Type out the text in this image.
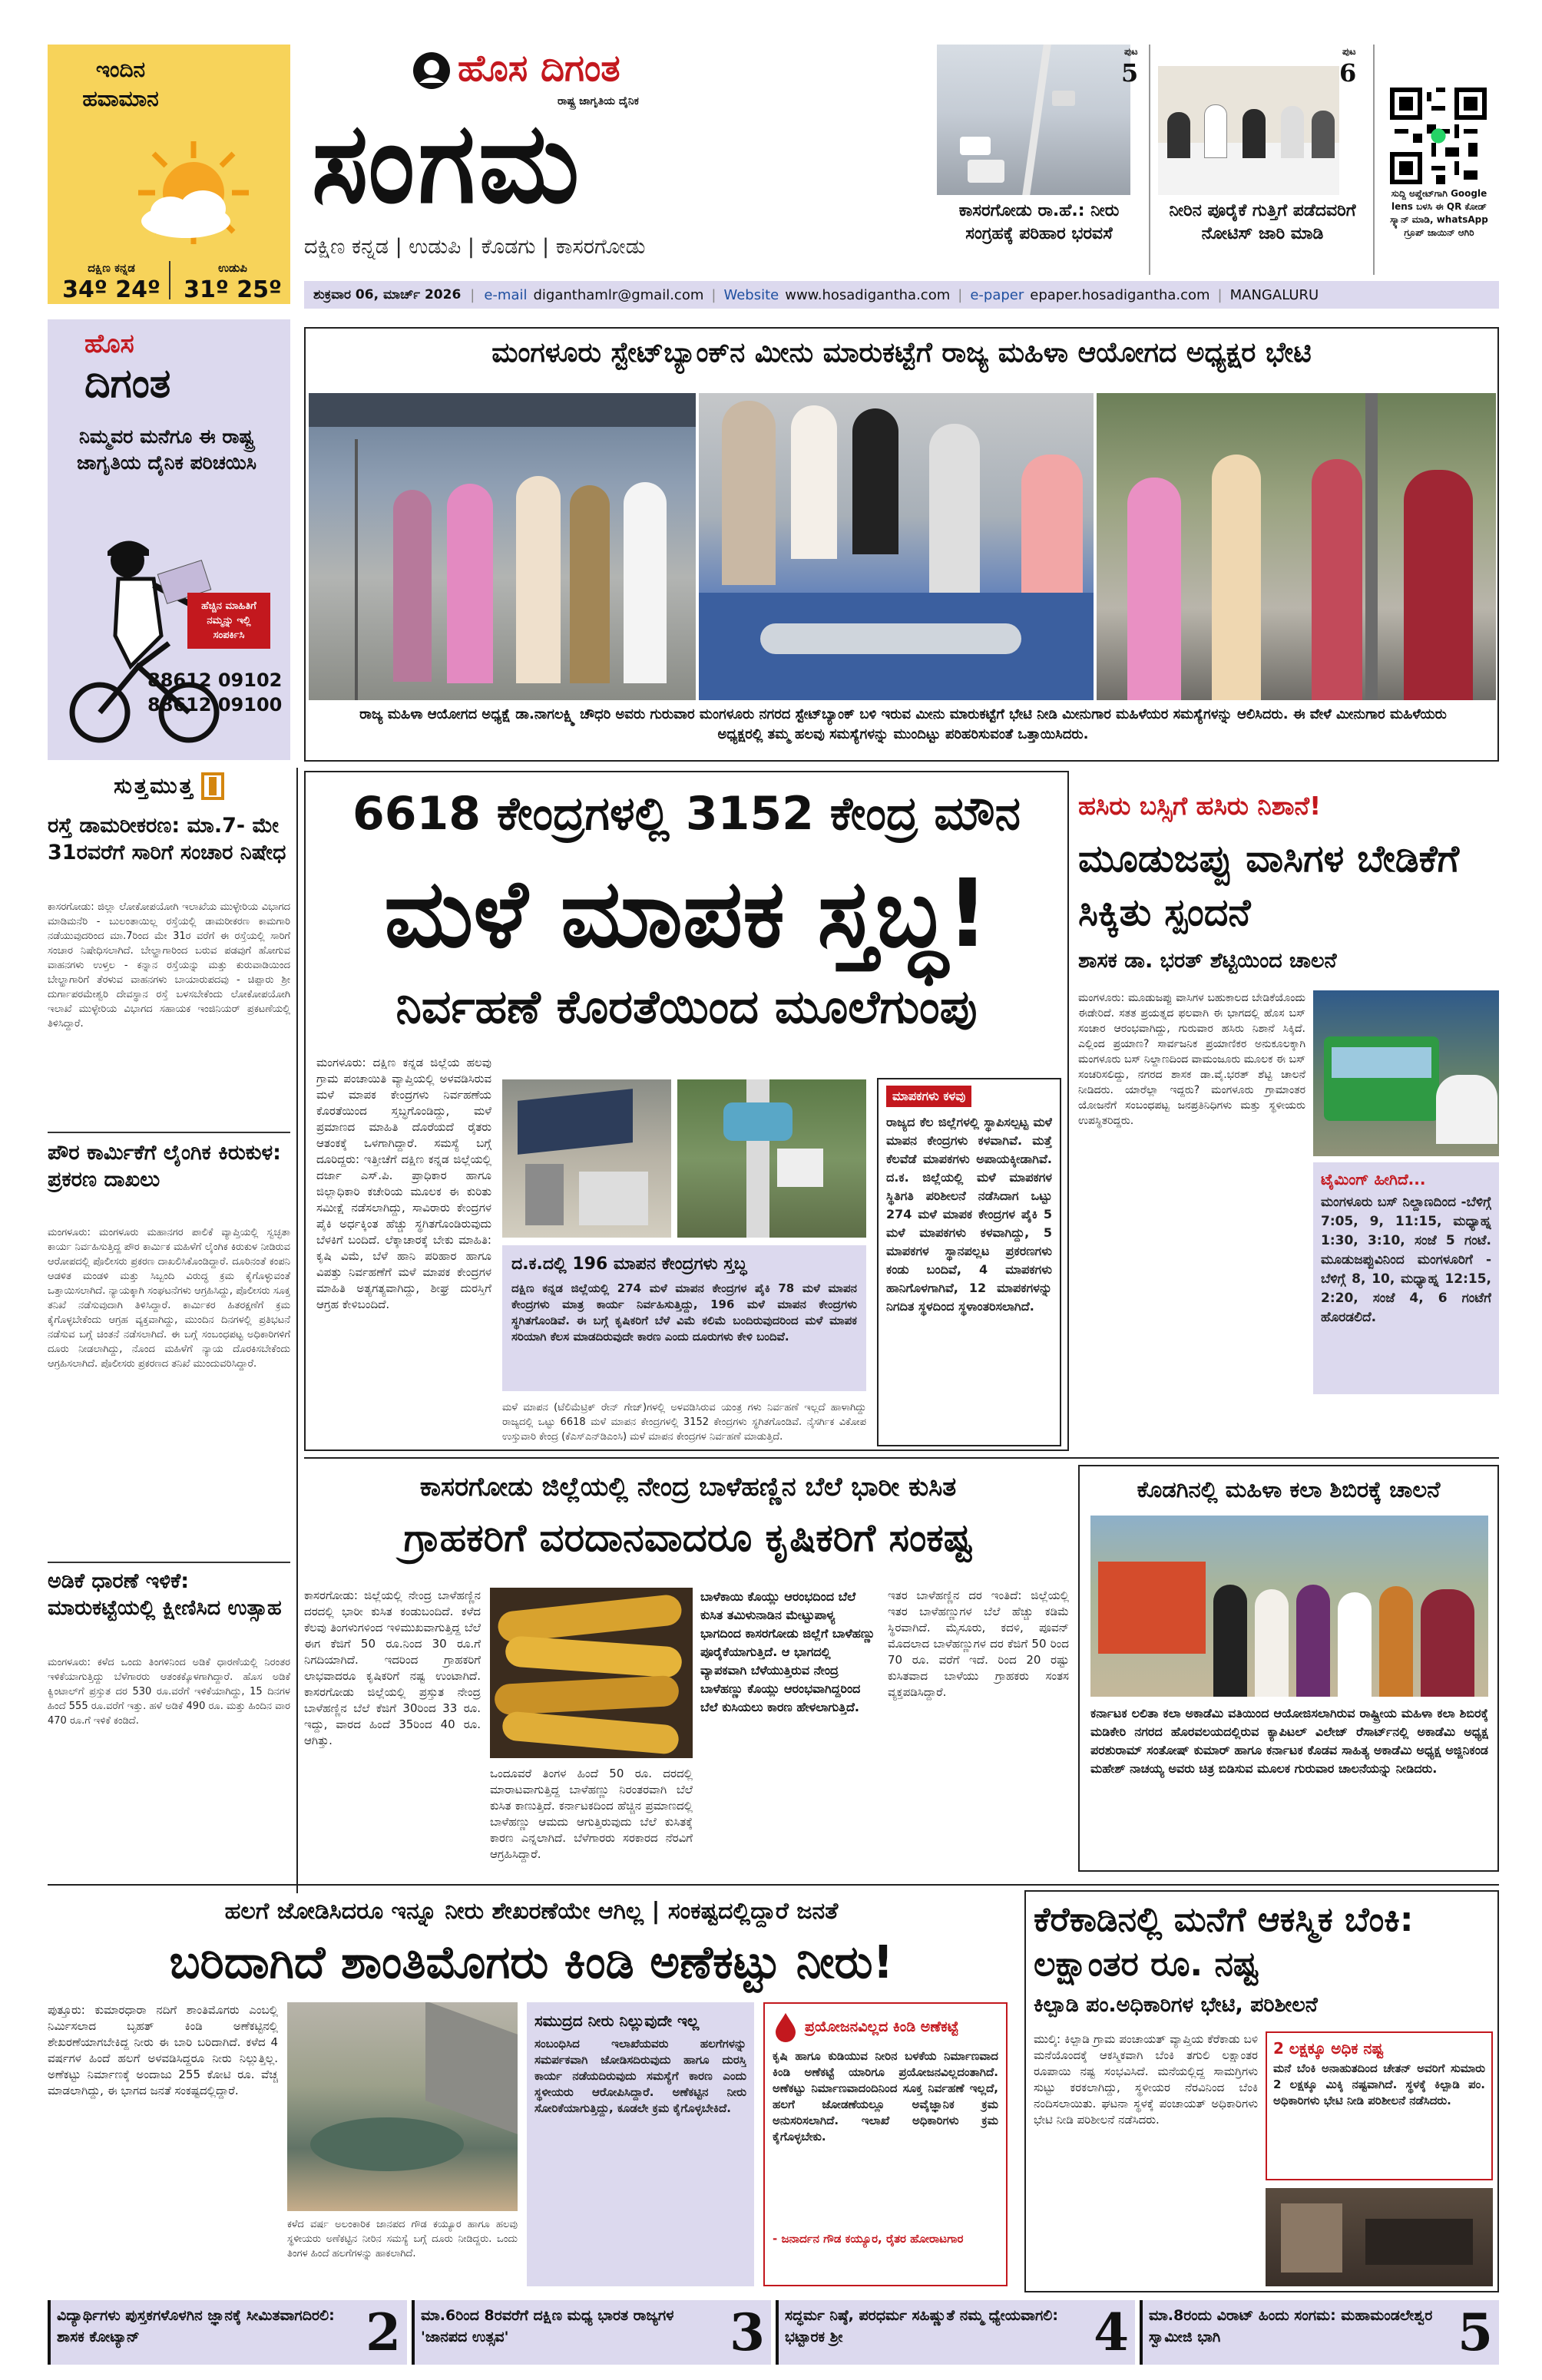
ಇಂದಿನ ಹವಾಮಾನ
ದಕ್ಷಿಣ ಕನ್ನಡ	ಉಡುಪಿ
34º 24º	31º 25º
ಹೊಸ ದಿಗಂತ
ರಾಷ್ಟ್ರ ಜಾಗೃತಿಯ ದೈನಿಕ
ಸಂಗಮ
ದಕ್ಷಿಣ ಕನ್ನಡ | ಉಡುಪಿ | ಕೊಡಗು | ಕಾಸರಗೋಡು
ಪುಟ
5
ಕಾಸರಗೋಡು ರಾ.ಹೆ.: ನೀರು ಸಂಗ್ರಹಕ್ಕೆ ಪರಿಹಾರ ಭರವಸೆ
ಪುಟ
6
ನೀರಿನ ಪೂರೈಕೆ ಗುತ್ತಿಗೆ ಪಡೆದವರಿಗೆ ನೋಟಿಸ್ ಜಾರಿ ಮಾಡಿ
ಸುದ್ದಿ ಅಪ್ಡೇಟ್‌ಗಾಗಿ Google lens ಬಳಸಿ ಈ QR ಕೋಡ್ ಸ್ಕ್ಯಾನ್ ಮಾಡಿ, whatsApp ಗ್ರೂಪ್ ಜಾಯಿನ್ ಆಗಿರಿ
ಶುಕ್ರವಾರ 06, ಮಾರ್ಚ್ 2026 | e-mail diganthamlr@gmail.com | Website www.hosadigantha.com | e-paper epaper.hosadigantha.com | MANGALURU
ಹೊಸ
ದಿಗಂತ
ನಿಮ್ಮವರ ಮನೆಗೂ ಈ ರಾಷ್ಟ್ರ ಜಾಗೃತಿಯ ದೈನಿಕ ಪರಿಚಯಿಸಿ
ಹೆಚ್ಚಿನ ಮಾಹಿತಿಗೆ ನಮ್ಮನ್ನು ಇಲ್ಲಿ ಸಂಪರ್ಕಿಸಿ
88612 09102
88612 09100
ಮಂಗಳೂರು ಸ್ಟೇಟ್‌ಬ್ಯಾಂಕ್‌ನ ಮೀನು ಮಾರುಕಟ್ಟೆಗೆ ರಾಜ್ಯ ಮಹಿಳಾ ಆಯೋಗದ ಅಧ್ಯಕ್ಷರ ಭೇಟಿ
ರಾಜ್ಯ ಮಹಿಳಾ ಆಯೋಗದ ಅಧ್ಯಕ್ಷೆ ಡಾ.ನಾಗಲಕ್ಷ್ಮಿ ಚೌಧರಿ ಅವರು ಗುರುವಾರ ಮಂಗಳೂರು ನಗರದ ಸ್ಟೇಟ್‌ಬ್ಯಾಂಕ್ ಬಳಿ ಇರುವ ಮೀನು ಮಾರುಕಟ್ಟೆಗೆ ಭೇಟಿ ನೀಡಿ ಮೀನುಗಾರ ಮಹಿಳೆಯರ ಸಮಸ್ಯೆಗಳನ್ನು ಆಲಿಸಿದರು. ಈ ವೇಳೆ ಮೀನುಗಾರ ಮಹಿಳೆಯರು ಅಧ್ಯಕ್ಷರಲ್ಲಿ ತಮ್ಮ ಹಲವು ಸಮಸ್ಯೆಗಳನ್ನು ಮುಂದಿಟ್ಟು ಪರಿಹರಿಸುವಂತೆ ಒತ್ತಾಯಿಸಿದರು.
ಸುತ್ತಮುತ್ತ
ರಸ್ತೆ ಡಾಮರೀಕರಣ: ಮಾ.7- ಮೇ 31ರವರೆಗೆ ಸಾರಿಗೆ ಸಂಚಾರ ನಿಷೇಧ
ಕಾಸರಗೋಡು: ಜಿಲ್ಲಾ ಲೋಕೋಪಯೋಗಿ ಇಲಾಖೆಯ ಮುಳ್ಳೇರಿಯ ವಿಭಾಗದ ಮಾಡಿಮನೆರಿ - ಬುಲಂತಾಯಿಲ್ಲ ರಸ್ತೆಯಲ್ಲಿ ಡಾಮರೀಕರಣ ಕಾಮಗಾರಿ ನಡೆಯುವುದರಿಂದ ಮಾ.7ರಿಂದ ಮೇ 31ರ ವರೆಗೆ ಈ ರಸ್ತೆಯಲ್ಲಿ ಸಾರಿಗೆ ಸಂಚಾರ ನಿಷೇಧಿಸಲಾಗಿದೆ. ಬೇಲ್ಹಾಗಾರಿಂದ ಬರುವ ಪಡವುಗೆ ಹೋಗುವ ವಾಹನಗಳು ಉಳ್ತಲ - ಕನ್ನಾನ ರಸ್ತೆಯನ್ನು ಮತ್ತು ಕುರುವಾಡಿಯಿಂದ ಬೇಲ್ಹಾಗಾರಿಗೆ ತೆರಳುವ ವಾಹನಗಳು ಬಾಯಾರುಪದವು - ಚಿಪ್ಪಾರು ಶ್ರೀ ದುರ್ಗಾಪರಮೇಶ್ವರಿ ದೇವಸ್ಥಾನ ರಸ್ತೆ ಬಳಸಬೇಕೆಂದು ಲೋಕೋಪಯೋಗಿ ಇಲಾಖೆ ಮುಳ್ಳೇರಿಯ ವಿಭಾಗದ ಸಹಾಯಕ ಇಂಜಿನಿಯರ್ ಪ್ರಕಟಣೆಯಲ್ಲಿ ತಿಳಿಸಿದ್ದಾರೆ.
ಪೌರ ಕಾರ್ಮಿಕೆಗೆ ಲೈಂಗಿಕ ಕಿರುಕುಳ: ಪ್ರಕರಣ ದಾಖಲು
ಮಂಗಳೂರು: ಮಂಗಳೂರು ಮಹಾನಗರ ಪಾಲಿಕೆ ವ್ಯಾಪ್ತಿಯಲ್ಲಿ ಸ್ವಚ್ಛತಾ ಕಾರ್ಯ ನಿರ್ವಹಿಸುತ್ತಿದ್ದ ಪೌರ ಕಾರ್ಮಿಕ ಮಹಿಳೆಗೆ ಲೈಂಗಿಕ ಕಿರುಕುಳ ನೀಡಿರುವ ಆರೋಪದಲ್ಲಿ ಪೊಲೀಸರು ಪ್ರಕರಣ ದಾಖಲಿಸಿಕೊಂಡಿದ್ದಾರೆ. ದೂರಿನಂತೆ ಕಂಪನಿ ಆಡಳಿತ ಮಂಡಳಿ ಮತ್ತು ಸಿಬ್ಬಂದಿ ವಿರುದ್ಧ ಕ್ರಮ ಕೈಗೊಳ್ಳುವಂತೆ ಒತ್ತಾಯಿಸಲಾಗಿದೆ. ನ್ಯಾಯಕ್ಕಾಗಿ ಸಂಘಟನೆಗಳು ಆಗ್ರಹಿಸಿದ್ದು, ಪೊಲೀಸರು ಸೂಕ್ತ ತನಿಖೆ ನಡೆಸುವುದಾಗಿ ತಿಳಿಸಿದ್ದಾರೆ. ಕಾರ್ಮಿಕರ ಹಿತರಕ್ಷಣೆಗೆ ಕ್ರಮ ಕೈಗೊಳ್ಳಬೇಕೆಂದು ಆಗ್ರಹ ವ್ಯಕ್ತವಾಗಿದ್ದು, ಮುಂದಿನ ದಿನಗಳಲ್ಲಿ ಪ್ರತಿಭಟನೆ ನಡೆಸುವ ಬಗ್ಗೆ ಚಿಂತನೆ ನಡೆಸಲಾಗಿದೆ. ಈ ಬಗ್ಗೆ ಸಂಬಂಧಪಟ್ಟ ಅಧಿಕಾರಿಗಳಿಗೆ ದೂರು ನೀಡಲಾಗಿದ್ದು, ನೊಂದ ಮಹಿಳೆಗೆ ನ್ಯಾಯ ದೊರಕಿಸಬೇಕೆಂದು ಆಗ್ರಹಿಸಲಾಗಿದೆ. ಪೊಲೀಸರು ಪ್ರಕರಣದ ತನಿಖೆ ಮುಂದುವರಿಸಿದ್ದಾರೆ.
ಅಡಿಕೆ ಧಾರಣೆ ಇಳಿಕೆ: ಮಾರುಕಟ್ಟೆಯಲ್ಲಿ ಕ್ಷೀಣಿಸಿದ ಉತ್ಸಾಹ
ಮಂಗಳೂರು: ಕಳೆದ ಒಂದು ತಿಂಗಳಿನಿಂದ ಅಡಿಕೆ ಧಾರಣೆಯಲ್ಲಿ ನಿರಂತರ ಇಳಿಕೆಯಾಗುತ್ತಿದ್ದು ಬೆಳೆಗಾರರು ಆತಂಕಕ್ಕೊಳಗಾಗಿದ್ದಾರೆ. ಹೊಸ ಅಡಿಕೆ ಕ್ವಿಂಟಾಲ್‌ಗೆ ಪ್ರಸ್ತುತ ದರ 530 ರೂ.ವರೆಗೆ ಇಳಿಕೆಯಾಗಿದ್ದು, 15 ದಿನಗಳ ಹಿಂದೆ 555 ರೂ.ವರೆಗೆ ಇತ್ತು. ಹಳೆ ಅಡಿಕೆ 490 ರೂ. ಮತ್ತು ಹಿಂದಿನ ವಾರ 470 ರೂ.ಗೆ ಇಳಿಕೆ ಕಂಡಿದೆ.
6618 ಕೇಂದ್ರಗಳಲ್ಲಿ 3152 ಕೇಂದ್ರ ಮೌನ
ಮಳೆ ಮಾಪಕ ಸ್ತಬ್ಧ!
ನಿರ್ವಹಣೆ ಕೊರತೆಯಿಂದ ಮೂಲೆಗುಂಪು
ಮಂಗಳೂರು: ದಕ್ಷಿಣ ಕನ್ನಡ ಜಿಲ್ಲೆಯ ಹಲವು ಗ್ರಾಮ ಪಂಚಾಯಿತಿ ವ್ಯಾಪ್ತಿಯಲ್ಲಿ ಅಳವಡಿಸಿರುವ ಮಳೆ ಮಾಪಕ ಕೇಂದ್ರಗಳು ನಿರ್ವಹಣೆಯ ಕೊರತೆಯಿಂದ ಸ್ತಬ್ಧಗೊಂಡಿದ್ದು, ಮಳೆ ಪ್ರಮಾಣದ ಮಾಹಿತಿ ದೊರೆಯದೆ ರೈತರು ಆತಂಕಕ್ಕೆ ಒಳಗಾಗಿದ್ದಾರೆ. ಸಮಸ್ಯೆ ಬಗ್ಗೆ ದೂರಿದ್ದರು: ಇತ್ತೀಚೆಗೆ ದಕ್ಷಿಣ ಕನ್ನಡ ಜಿಲ್ಲೆಯಲ್ಲಿ ದರ್ಜಾ ಎಸ್.ಪಿ. ಪ್ರಾಧಿಕಾರ ಹಾಗೂ ಜಿಲ್ಲಾಧಿಕಾರಿ ಕಚೇರಿಯ ಮೂಲಕ ಈ ಕುರಿತು ಸಮೀಕ್ಷೆ ನಡೆಸಲಾಗಿದ್ದು, ಸಾವಿರಾರು ಕೇಂದ್ರಗಳ ಪೈಕಿ ಅರ್ಧಕ್ಕಿಂತ ಹೆಚ್ಚು ಸ್ಥಗಿತಗೊಂಡಿರುವುದು ಬೆಳಕಿಗೆ ಬಂದಿದೆ. ಲೆಕ್ಕಾಚಾರಕ್ಕೆ ಬೇಕು ಮಾಹಿತಿ: ಕೃಷಿ ವಿಮೆ, ಬೆಳೆ ಹಾನಿ ಪರಿಹಾರ ಹಾಗೂ ವಿಪತ್ತು ನಿರ್ವಹಣೆಗೆ ಮಳೆ ಮಾಪಕ ಕೇಂದ್ರಗಳ ಮಾಹಿತಿ ಅತ್ಯಗತ್ಯವಾಗಿದ್ದು, ಶೀಘ್ರ ದುರಸ್ತಿಗೆ ಆಗ್ರಹ ಕೇಳಿಬಂದಿದೆ.
ದ.ಕ.ದಲ್ಲಿ 196 ಮಾಪನ ಕೇಂದ್ರಗಳು ಸ್ತಬ್ಧ
ದಕ್ಷಿಣ ಕನ್ನಡ ಜಿಲ್ಲೆಯಲ್ಲಿ 274 ಮಳೆ ಮಾಪನ ಕೇಂದ್ರಗಳ ಪೈಕಿ 78 ಮಳೆ ಮಾಪನ ಕೇಂದ್ರಗಳು ಮಾತ್ರ ಕಾರ್ಯ ನಿರ್ವಹಿಸುತ್ತಿದ್ದು, 196 ಮಳೆ ಮಾಪನ ಕೇಂದ್ರಗಳು ಸ್ಥಗಿತಗೊಂಡಿವೆ. ಈ ಬಗ್ಗೆ ಕೃಷಿಕರಿಗೆ ಬೆಳೆ ವಿಮೆ ಕಲಿಮೆ ಬಂದಿರುವುದರಿಂದ ಮಳೆ ಮಾಪಕ ಸರಿಯಾಗಿ ಕೆಲಸ ಮಾಡದಿರುವುದೇ ಕಾರಣ ಎಂದು ದೂರುಗಳು ಕೇಳಿ ಬಂದಿವೆ.
ಮಳೆ ಮಾಪನ (ಟೆಲಿಮೆಟ್ರಿಕ್ ರೇನ್ ಗೇಜ್)ಗಳಲ್ಲಿ ಅಳವಡಿಸಿರುವ ಯಂತ್ರ ಗಳು ನಿರ್ವಹಣೆ ಇಲ್ಲದೆ ಹಾಳಾಗಿದ್ದು ರಾಜ್ಯದಲ್ಲಿ ಒಟ್ಟು 6618 ಮಳೆ ಮಾಪನ ಕೇಂದ್ರಗಳಲ್ಲಿ 3152 ಕೇಂದ್ರಗಳು ಸ್ಥಗಿತಗೊಂಡಿವೆ. ನೈಸರ್ಗಿಕ ವಿಕೋಪ ಉಸ್ತುವಾರಿ ಕೇಂದ್ರ (ಕೆಎಸ್‌ಎನ್‌ಡಿಎಂಸಿ) ಮಳೆ ಮಾಪನ ಕೇಂದ್ರಗಳ ನಿರ್ವಹಣೆ ಮಾಡುತ್ತಿದೆ.
ಮಾಪಕಗಳು ಕಳವು
ರಾಜ್ಯದ ಕೆಲ ಜಿಲ್ಲೆಗಳಲ್ಲಿ ಸ್ಥಾಪಿಸಲ್ಪಟ್ಟ ಮಳೆ ಮಾಪನ ಕೇಂದ್ರಗಳು ಕಳವಾಗಿವೆ. ಮತ್ತೆ ಕೆಲವೆಡೆ ಮಾಪಕಗಳು ಅಪಾಯಕ್ಕೀಡಾಗಿವೆ. ದ.ಕ. ಜಿಲ್ಲೆಯಲ್ಲಿ ಮಳೆ ಮಾಪಕಗಳ ಸ್ಥಿತಿಗತಿ ಪರಿಶೀಲನೆ ನಡೆಸಿದಾಗ ಒಟ್ಟು 274 ಮಳೆ ಮಾಪಕ ಕೇಂದ್ರಗಳ ಪೈಕಿ 5 ಮಳೆ ಮಾಪಕಗಳು ಕಳವಾಗಿದ್ದು, 5 ಮಾಪಕಗಳ ಸ್ಥಾನಪಲ್ಲಟ ಪ್ರಕರಣಗಳು ಕಂಡು ಬಂದಿವೆ, 4 ಮಾಪಕಗಳು ಹಾನಿಗೊಳಗಾಗಿವೆ, 12 ಮಾಪಕಗಳನ್ನು ನಿಗದಿತ ಸ್ಥಳದಿಂದ ಸ್ಥಳಾಂತರಿಸಲಾಗಿದೆ.
ಹಸಿರು ಬಸ್ಸಿಗೆ ಹಸಿರು ನಿಶಾನೆ!
ಮೂಡುಜಪ್ಪು ವಾಸಿಗಳ ಬೇಡಿಕೆಗೆ ಸಿಕ್ಕಿತು ಸ್ಪಂದನೆ
ಶಾಸಕ ಡಾ. ಭರತ್ ಶೆಟ್ಟಿಯಿಂದ ಚಾಲನೆ
ಮಂಗಳೂರು: ಮೂಡುಜಪ್ಪು ವಾಸಿಗಳ ಬಹುಕಾಲದ ಬೇಡಿಕೆಯೊಂದು ಈಡೇರಿದೆ. ಸತತ ಪ್ರಯತ್ನದ ಫಲವಾಗಿ ಈ ಭಾಗದಲ್ಲಿ ಹೊಸ ಬಸ್ ಸಂಚಾರ ಆರಂಭವಾಗಿದ್ದು, ಗುರುವಾರ ಹಸಿರು ನಿಶಾನೆ ಸಿಕ್ಕಿದೆ. ಎಲ್ಲಿಂದ ಪ್ರಯಾಣ? ಸಾರ್ವಜನಿಕ ಪ್ರಯಾಣಿಕರ ಅನುಕೂಲಕ್ಕಾಗಿ ಮಂಗಳೂರು ಬಸ್ ನಿಲ್ದಾಣದಿಂದ ವಾಮಂಜೂರು ಮೂಲಕ ಈ ಬಸ್ ಸಂಚರಿಸಲಿದ್ದು, ನಗರದ ಶಾಸಕ ಡಾ.ವೈ.ಭರತ್ ಶೆಟ್ಟಿ ಚಾಲನೆ ನೀಡಿದರು. ಯಾರೆಲ್ಲಾ ಇದ್ದರು? ಮಂಗಳೂರು ಗ್ರಾಮಾಂತರ ಯೋಜನೆಗೆ ಸಂಬಂಧಪಟ್ಟ ಜನಪ್ರತಿನಿಧಿಗಳು ಮತ್ತು ಸ್ಥಳೀಯರು ಉಪಸ್ಥಿತರಿದ್ದರು.
ಟೈಮಿಂಗ್ ಹೀಗಿದೆ...
ಮಂಗಳೂರು ಬಸ್ ನಿಲ್ದಾಣದಿಂದ -ಬೆಳಿಗ್ಗೆ 7:05, 9, 11:15, ಮಧ್ಯಾಹ್ನ 1:30, 3:10, ಸಂಜೆ 5 ಗಂಟೆ. ಮೂಡುಜಪ್ಪುವಿನಿಂದ ಮಂಗಳೂರಿಗೆ - ಬೆಳಿಗ್ಗೆ 8, 10, ಮಧ್ಯಾಹ್ನ 12:15, 2:20, ಸಂಜೆ 4, 6 ಗಂಟೆಗೆ ಹೊರಡಲಿದೆ.
ಕಾಸರಗೋಡು ಜಿಲ್ಲೆಯಲ್ಲಿ ನೇಂದ್ರ ಬಾಳೆಹಣ್ಣಿನ ಬೆಲೆ ಭಾರೀ ಕುಸಿತ
ಗ್ರಾಹಕರಿಗೆ ವರದಾನವಾದರೂ ಕೃಷಿಕರಿಗೆ ಸಂಕಷ್ಟ
ಕಾಸರಗೋಡು: ಜಿಲ್ಲೆಯಲ್ಲಿ ನೇಂದ್ರ ಬಾಳೆಹಣ್ಣಿನ ದರದಲ್ಲಿ ಭಾರೀ ಕುಸಿತ ಕಂಡುಬಂದಿದೆ. ಕಳೆದ ಕೆಲವು ತಿಂಗಳುಗಳಿಂದ ಇಳಿಮುಖವಾಗುತ್ತಿದ್ದ ಬೆಲೆ ಈಗ ಕೆಜಿಗೆ 50 ರೂ.ನಿಂದ 30 ರೂ.ಗೆ ನಿಗದಿಯಾಗಿದೆ. ಇದರಿಂದ ಗ್ರಾಹಕರಿಗೆ ಲಾಭವಾದರೂ ಕೃಷಿಕರಿಗೆ ನಷ್ಟ ಉಂಟಾಗಿದೆ. ಕಾಸರಗೋಡು ಜಿಲ್ಲೆಯಲ್ಲಿ ಪ್ರಸ್ತುತ ನೇಂದ್ರ ಬಾಳೆಹಣ್ಣಿನ ಬೆಲೆ ಕೆಜಿಗೆ 30ರಿಂದ 33 ರೂ. ಇದ್ದು, ವಾರದ ಹಿಂದೆ 35ರಿಂದ 40 ರೂ. ಆಗಿತ್ತು.
ಒಂದೂವರೆ ತಿಂಗಳ ಹಿಂದೆ 50 ರೂ. ದರದಲ್ಲಿ ಮಾರಾಟವಾಗುತ್ತಿದ್ದ ಬಾಳೆಹಣ್ಣು ನಿರಂತರವಾಗಿ ಬೆಲೆ ಕುಸಿತ ಕಾಣುತ್ತಿದೆ. ಕರ್ನಾಟಕದಿಂದ ಹೆಚ್ಚಿನ ಪ್ರಮಾಣದಲ್ಲಿ ಬಾಳೆಹಣ್ಣು ಆಮದು ಆಗುತ್ತಿರುವುದು ಬೆಲೆ ಕುಸಿತಕ್ಕೆ ಕಾರಣ ಎನ್ನಲಾಗಿದೆ. ಬೆಳೆಗಾರರು ಸರಕಾರದ ನೆರವಿಗೆ ಆಗ್ರಹಿಸಿದ್ದಾರೆ.
ಬಾಳೆಕಾಯಿ ಕೊಯ್ಲು ಆರಂಭದಿಂದ ಬೆಲೆ ಕುಸಿತ ತಮಿಳುನಾಡಿನ ಮೇಟ್ಟುಪಾಳ್ಯ ಭಾಗದಿಂದ ಕಾಸರಗೋಡು ಜಿಲ್ಲೆಗೆ ಬಾಳೆಹಣ್ಣು ಪೂರೈಕೆಯಾಗುತ್ತಿದೆ. ಆ ಭಾಗದಲ್ಲಿ ವ್ಯಾಪಕವಾಗಿ ಬೆಳೆಯುತ್ತಿರುವ ನೇಂದ್ರ ಬಾಳೆಹಣ್ಣು ಕೊಯ್ಲು ಆರಂಭವಾಗಿದ್ದರಿಂದ ಬೆಲೆ ಕುಸಿಯಲು ಕಾರಣ ಹೇಳಲಾಗುತ್ತಿದೆ.
ಇತರ ಬಾಳೆಹಣ್ಣಿನ ದರ ಇಂತಿದೆ: ಜಿಲ್ಲೆಯಲ್ಲಿ ಇತರ ಬಾಳೆಹಣ್ಣುಗಳ ಬೆಲೆ ಹೆಚ್ಚು ಕಡಿಮೆ ಸ್ಥಿರವಾಗಿದೆ. ಮೈಸೂರು, ಕದಳಿ, ಪೂವನ್ ಮೊದಲಾದ ಬಾಳೆಹಣ್ಣುಗಳ ದರ ಕೆಜಿಗೆ 50 ರಿಂದ 70 ರೂ. ವರೆಗೆ ಇದೆ. ರಿಂದ 20 ರಷ್ಟು ಕುಸಿತವಾದ ಬಾಳೆಯು ಗ್ರಾಹಕರು ಸಂತಸ ವ್ಯಕ್ತಪಡಿಸಿದ್ದಾರೆ.
ಕೊಡಗಿನಲ್ಲಿ ಮಹಿಳಾ ಕಲಾ ಶಿಬಿರಕ್ಕೆ ಚಾಲನೆ
ಕರ್ನಾಟಕ ಲಲಿತಾ ಕಲಾ ಅಕಾಡೆಮಿ ವತಿಯಿಂದ ಆಯೋಜಿಸಲಾಗಿರುವ ರಾಷ್ಟ್ರೀಯ ಮಹಿಳಾ ಕಲಾ ಶಿಬಿರಕ್ಕೆ ಮಡಿಕೇರಿ ನಗರದ ಹೊರವಲಯದಲ್ಲಿರುವ ಕ್ಯಾಪಿಟಲ್ ವಿಲೇಜ್ ರೆಸಾರ್ಟ್‌ನಲ್ಲಿ ಅಕಾಡೆಮಿ ಅಧ್ಯಕ್ಷ ಪರಶುರಾಮ್ ಸಂತೋಷ್ ಕುಮಾರ್ ಹಾಗೂ ಕರ್ನಾಟಕ ಕೊಡವ ಸಾಹಿತ್ಯ ಅಕಾಡೆಮಿ ಅಧ್ಯಕ್ಷ ಅಜ್ಜಿನಿಕಂಡ ಮಹೇಶ್ ನಾಚಯ್ಯ ಅವರು ಚಿತ್ರ ಬಿಡಿಸುವ ಮೂಲಕ ಗುರುವಾರ ಚಾಲನೆಯನ್ನು ನೀಡಿದರು.
ಹಲಗೆ ಜೋಡಿಸಿದರೂ ಇನ್ನೂ ನೀರು ಶೇಖರಣೆಯೇ ಆಗಿಲ್ಲ | ಸಂಕಷ್ಟದಲ್ಲಿದ್ದಾರೆ ಜನತೆ
ಬರಿದಾಗಿದೆ ಶಾಂತಿಮೊಗರು ಕಿಂಡಿ ಅಣೆಕಟ್ಟು ನೀರು!
ಪುತ್ತೂರು: ಕುಮಾರಧಾರಾ ನದಿಗೆ ಶಾಂತಿಮೊಗರು ಎಂಬಲ್ಲಿ ನಿರ್ಮಿಸಲಾದ ಬೃಹತ್ ಕಿಂಡಿ ಅಣೆಕಟ್ಟಿನಲ್ಲಿ ಶೇಖರಣೆಯಾಗಬೇಕಿದ್ದ ನೀರು ಈ ಬಾರಿ ಬರಿದಾಗಿದೆ. ಕಳೆದ 4 ವರ್ಷಗಳ ಹಿಂದೆ ಹಲಗೆ ಅಳವಡಿಸಿದ್ದರೂ ನೀರು ನಿಲ್ಲುತ್ತಿಲ್ಲ. ಅಣೆಕಟ್ಟು ನಿರ್ಮಾಣಕ್ಕೆ ಅಂದಾಜು 255 ಕೋಟಿ ರೂ. ವೆಚ್ಚ ಮಾಡಲಾಗಿದ್ದು, ಈ ಭಾಗದ ಜನತೆ ಸಂಕಷ್ಟದಲ್ಲಿದ್ದಾರೆ.
ಕಳೆದ ವರ್ಷ ಅಲಂಕಾರಿಕ ಜಾನಪದ ಗೌಡ ಕಯ್ಯೂರ ಹಾಗೂ ಹಲವು ಸ್ಥಳೀಯರು ಅಣೆಕಟ್ಟಿನ ನೀರಿನ ಸಮಸ್ಯೆ ಬಗ್ಗೆ ದೂರು ನೀಡಿದ್ದರು. ಒಂದು ತಿಂಗಳ ಹಿಂದೆ ಹಲಗೆಗಳನ್ನು ಹಾಕಲಾಗಿದೆ.
ಸಮುದ್ರದ ನೀರು ನಿಲ್ಲುವುದೇ ಇಲ್ಲ
ಸಂಬಂಧಿಸಿದ ಇಲಾಖೆಯವರು ಹಲಗೆಗಳನ್ನು ಸಮರ್ಪಕವಾಗಿ ಜೋಡಿಸದಿರುವುದು ಹಾಗೂ ದುರಸ್ತಿ ಕಾರ್ಯ ನಡೆಯದಿರುವುದು ಸಮಸ್ಯೆಗೆ ಕಾರಣ ಎಂದು ಸ್ಥಳೀಯರು ಆರೋಪಿಸಿದ್ದಾರೆ. ಅಣೆಕಟ್ಟಿನ ನೀರು ಸೋರಿಕೆಯಾಗುತ್ತಿದ್ದು, ಕೂಡಲೇ ಕ್ರಮ ಕೈಗೊಳ್ಳಬೇಕಿದೆ.
ಪ್ರಯೋಜನವಿಲ್ಲದ ಕಿಂಡಿ ಅಣೆಕಟ್ಟೆ
ಕೃಷಿ ಹಾಗೂ ಕುಡಿಯುವ ನೀರಿನ ಬಳಕೆಯ ನಿರ್ಮಾಣವಾದ ಕಿಂಡಿ ಅಣೆಕಟ್ಟೆ ಯಾರಿಗೂ ಪ್ರಯೋಜನವಿಲ್ಲದಂತಾಗಿದೆ. ಅಣೆಕಟ್ಟು ನಿರ್ಮಾಣವಾದಂದಿನಿಂದ ಸೂಕ್ತ ನಿರ್ವಹಣೆ ಇಲ್ಲದೆ, ಹಲಗೆ ಜೋಡಣೆಯಲ್ಲೂ ಅವೈಜ್ಞಾನಿಕ ಕ್ರಮ ಅನುಸರಿಸಲಾಗಿದೆ. ಇಲಾಖೆ ಅಧಿಕಾರಿಗಳು ಕ್ರಮ ಕೈಗೊಳ್ಳಬೇಕು.
- ಜನಾರ್ದನ ಗೌಡ ಕಯ್ಯೂರ, ರೈತರ ಹೋರಾಟಗಾರ
ಕೆರೆಕಾಡಿನಲ್ಲಿ ಮನೆಗೆ ಆಕಸ್ಮಿಕ ಬೆಂಕಿ: ಲಕ್ಷಾಂತರ ರೂ. ನಷ್ಟ
ಕಿಲ್ಪಾಡಿ ಪಂ.ಅಧಿಕಾರಿಗಳ ಭೇಟಿ, ಪರಿಶೀಲನೆ
ಮುಲ್ಕಿ: ಕಿಲ್ಪಾಡಿ ಗ್ರಾಮ ಪಂಚಾಯತ್ ವ್ಯಾಪ್ತಿಯ ಕೆರೆಕಾಡು ಬಳಿ ಮನೆಯೊಂದಕ್ಕೆ ಆಕಸ್ಮಿಕವಾಗಿ ಬೆಂಕಿ ತಗುಲಿ ಲಕ್ಷಾಂತರ ರೂಪಾಯಿ ನಷ್ಟ ಸಂಭವಿಸಿದೆ. ಮನೆಯಲ್ಲಿದ್ದ ಸಾಮಗ್ರಿಗಳು ಸುಟ್ಟು ಕರಕಲಾಗಿದ್ದು, ಸ್ಥಳೀಯರ ನೆರವಿನಿಂದ ಬೆಂಕಿ ನಂದಿಸಲಾಯಿತು. ಘಟನಾ ಸ್ಥಳಕ್ಕೆ ಪಂಚಾಯತ್ ಅಧಿಕಾರಿಗಳು ಭೇಟಿ ನೀಡಿ ಪರಿಶೀಲನೆ ನಡೆಸಿದರು.
2 ಲಕ್ಷಕ್ಕೂ ಅಧಿಕ ನಷ್ಟ
ಮನೆ ಬೆಂಕಿ ಅನಾಹುತದಿಂದ ಚೇತನ್ ಅವರಿಗೆ ಸುಮಾರು 2 ಲಕ್ಷಕ್ಕೂ ಮಿಕ್ಕಿ ನಷ್ಟವಾಗಿದೆ. ಸ್ಥಳಕ್ಕೆ ಕಿಲ್ಪಾಡಿ ಪಂ. ಅಧಿಕಾರಿಗಳು ಭೇಟಿ ನೀಡಿ ಪರಿಶೀಲನೆ ನಡೆಸಿದರು.
ವಿದ್ಯಾರ್ಥಿಗಳು ಪುಸ್ತಕಗಳೊಳಗಿನ ಜ್ಞಾನಕ್ಕೆ ಸೀಮಿತವಾಗದಿರಲಿ: ಶಾಸಕ ಕೋಟ್ಯಾನ್	2 ಮಾ.6ರಿಂದ 8ರವರೆಗೆ ದಕ್ಷಿಣ ಮಧ್ಯ ಭಾರತ ರಾಜ್ಯಗಳ 'ಜಾನಪದ ಉತ್ಸವ'	3 ಸದ್ಧರ್ಮ ನಿಷ್ಠೆ, ಪರಧರ್ಮ ಸಹಿಷ್ಣುತೆ ನಮ್ಮ ಧ್ಯೇಯವಾಗಲಿ: ಭಟ್ಟಾರಕ ಶ್ರೀ	4 ಮಾ.8ರಂದು ವಿರಾಟ್ ಹಿಂದು ಸಂಗಮ: ಮಹಾಮಂಡಲೇಶ್ವರ ಸ್ವಾಮೀಜಿ ಭಾಗಿ	5
